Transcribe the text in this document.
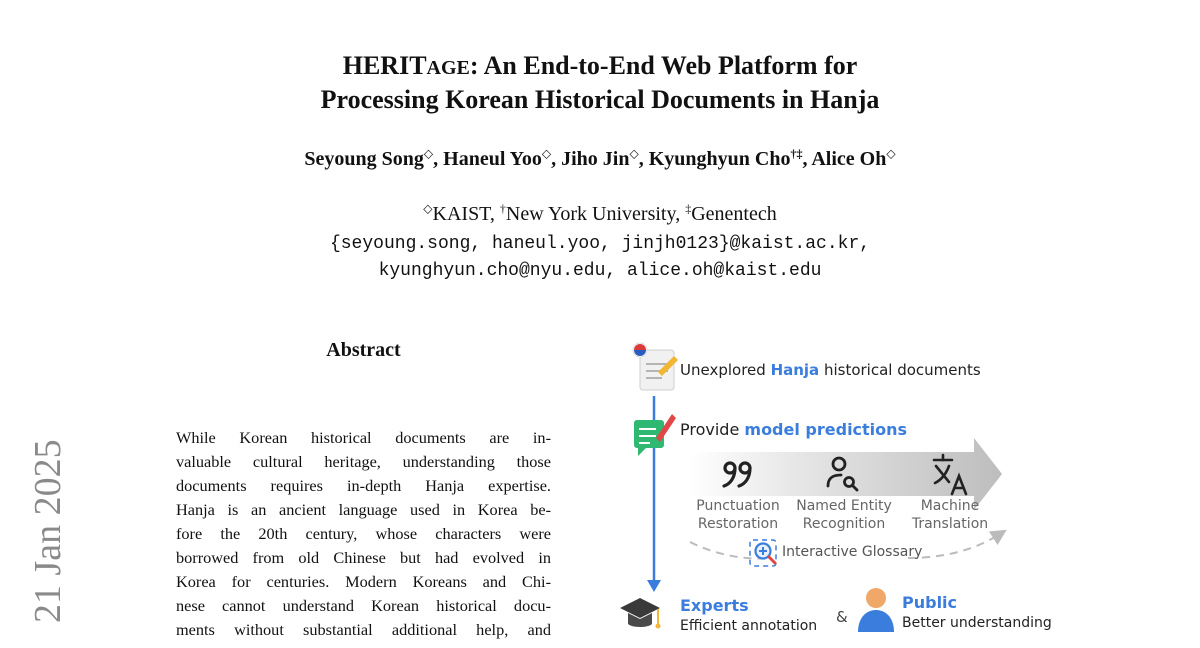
HERITAGE: An End-to-End Web Platform for
Processing Korean Historical Documents in Hanja
Seyoung Song◇, Haneul Yoo◇, Jiho Jin◇, Kyunghyun Cho†‡, Alice Oh◇
◇KAIST, †New York University, ‡Genentech
{seyoung.song, haneul.yoo, jinjh0123}@kaist.ac.kr,
kyunghyun.cho@nyu.edu, alice.oh@kaist.edu
Abstract

While Korean historical documents are in-
valuable cultural heritage, understanding those
documents requires in-depth Hanja expertise.
Hanja is an ancient language used in Korea be-
fore the 20th century, whose characters were
borrowed from old Chinese but had evolved in
Korea for centuries. Modern Koreans and Chi-
nese cannot understand Korean historical docu-
ments without substantial additional help, and

21 Jan 2025
Unexplored Hanja historical documents
Provide model predictions
Punctuation
Restoration
Named Entity
Recognition
Machine
Translation
Interactive Glossary
Experts
Efficient annotation &
Public
Better understanding
